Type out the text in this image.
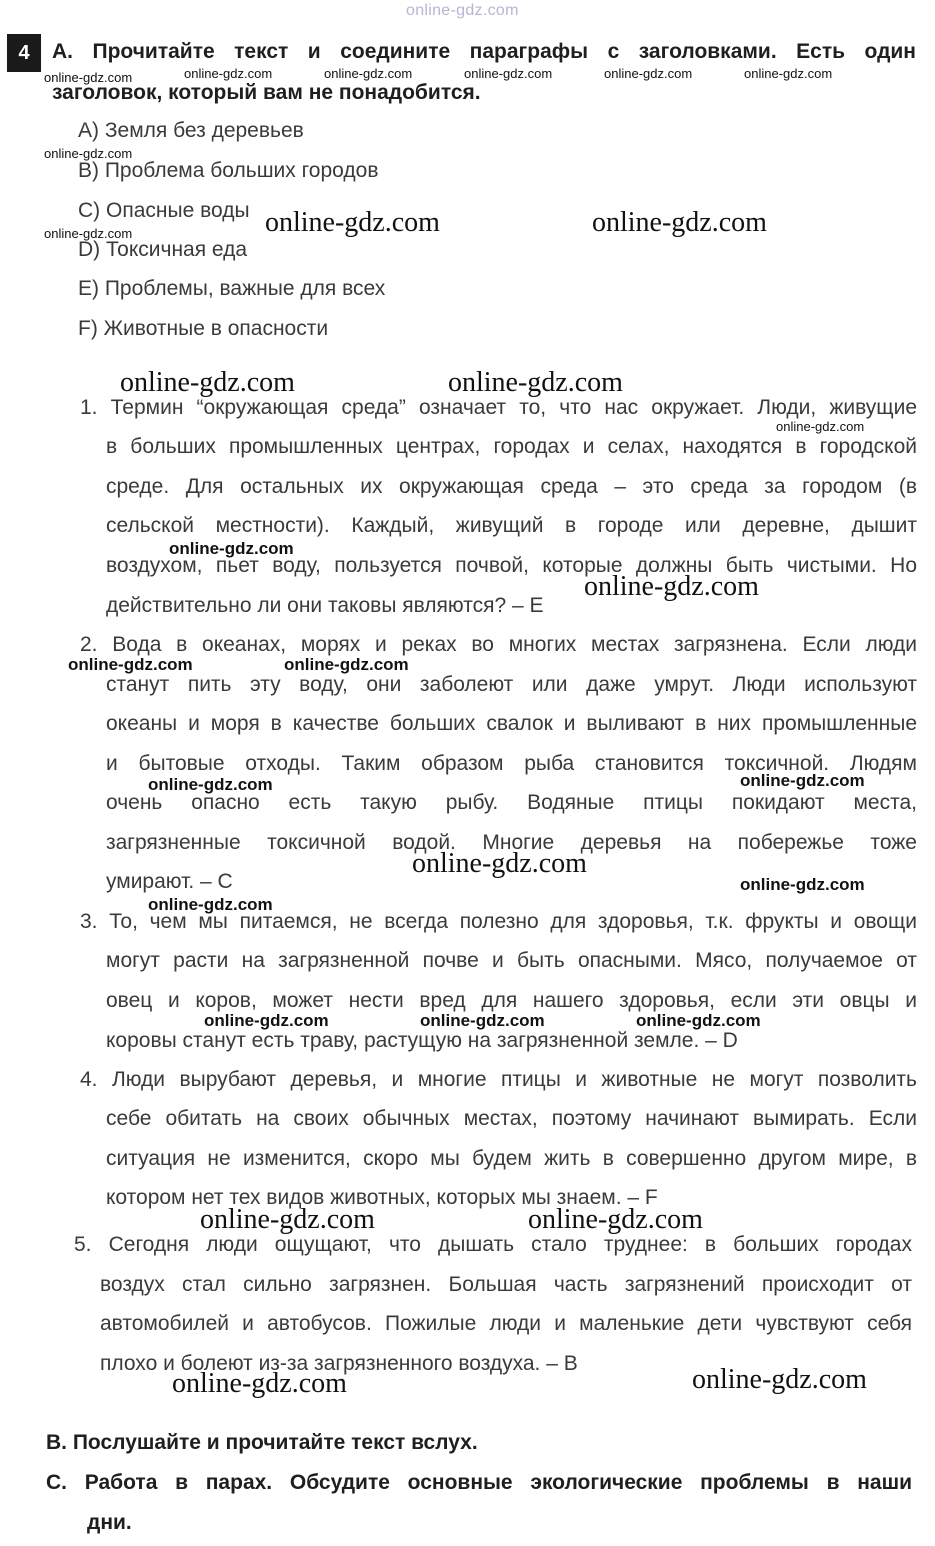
online-gdz.com
4	A. Прочитайте текст и соедините параграфы с заголовками. Есть один
заголовок, который вам не понадобится.
A) Земля без деревьев
B) Проблема больших городов
C) Опасные воды
D) Токсичная еда
E) Проблемы, важные для всех
F) Животные в опасности
1. Термин “окружающая среда” означает то, что нас окружает. Люди, живущие
в больших промышленных центрах, городах и селах, находятся в городской
среде. Для остальных их окружающая среда – это среда за городом (в
сельской местности). Каждый, живущий в городе или деревне, дышит
воздухом, пьет воду, пользуется почвой, которые должны быть чистыми. Но
действительно ли они таковы являются? – E
2. Вода в океанах, морях и реках во многих местах загрязнена. Если люди
станут пить эту воду, они заболеют или даже умрут. Люди используют
океаны и моря в качестве больших свалок и выливают в них промышленные
и бытовые отходы. Таким образом рыба становится токсичной. Людям
очень опасно есть такую рыбу. Водяные птицы покидают места,
загрязненные токсичной водой. Многие деревья на побережье тоже
умирают. – C
3. То, чем мы питаемся, не всегда полезно для здоровья, т.к. фрукты и овощи
могут расти на загрязненной почве и быть опасными. Мясо, получаемое от
овец и коров, может нести вред для нашего здоровья, если эти овцы и
коровы станут есть траву, растущую на загрязненной земле. – D
4. Люди вырубают деревья, и многие птицы и животные не могут позволить
себе обитать на своих обычных местах, поэтому начинают вымирать. Если
ситуация не изменится, скоро мы будем жить в совершенно другом мире, в
котором нет тех видов животных, которых мы знаем. – F
5. Сегодня люди ощущают, что дышать стало труднее: в больших городах
воздух стал сильно загрязнен. Большая часть загрязнений происходит от
автомобилей и автобусов. Пожилые люди и маленькие дети чувствуют себя
плохо и болеют из-за загрязненного воздуха. – B
B. Послушайте и прочитайте текст вслух.
C. Работа в парах. Обсудите основные экологические проблемы в наши
дни.
online-gdz.com	online-gdz.com	online-gdz.com	online-gdz.com	online-gdz.com	online-gdz.com
online-gdz.com
online-gdz.com
online-gdz.com
online-gdz.com	online-gdz.com
online-gdz.com	online-gdz.com
online-gdz.com
online-gdz.com
online-gdz.com	online-gdz.com
online-gdz.com	online-gdz.com
online-gdz.com
online-gdz.com
online-gdz.com
online-gdz.com	online-gdz.com	online-gdz.com
online-gdz.com	online-gdz.com
online-gdz.com	online-gdz.com
